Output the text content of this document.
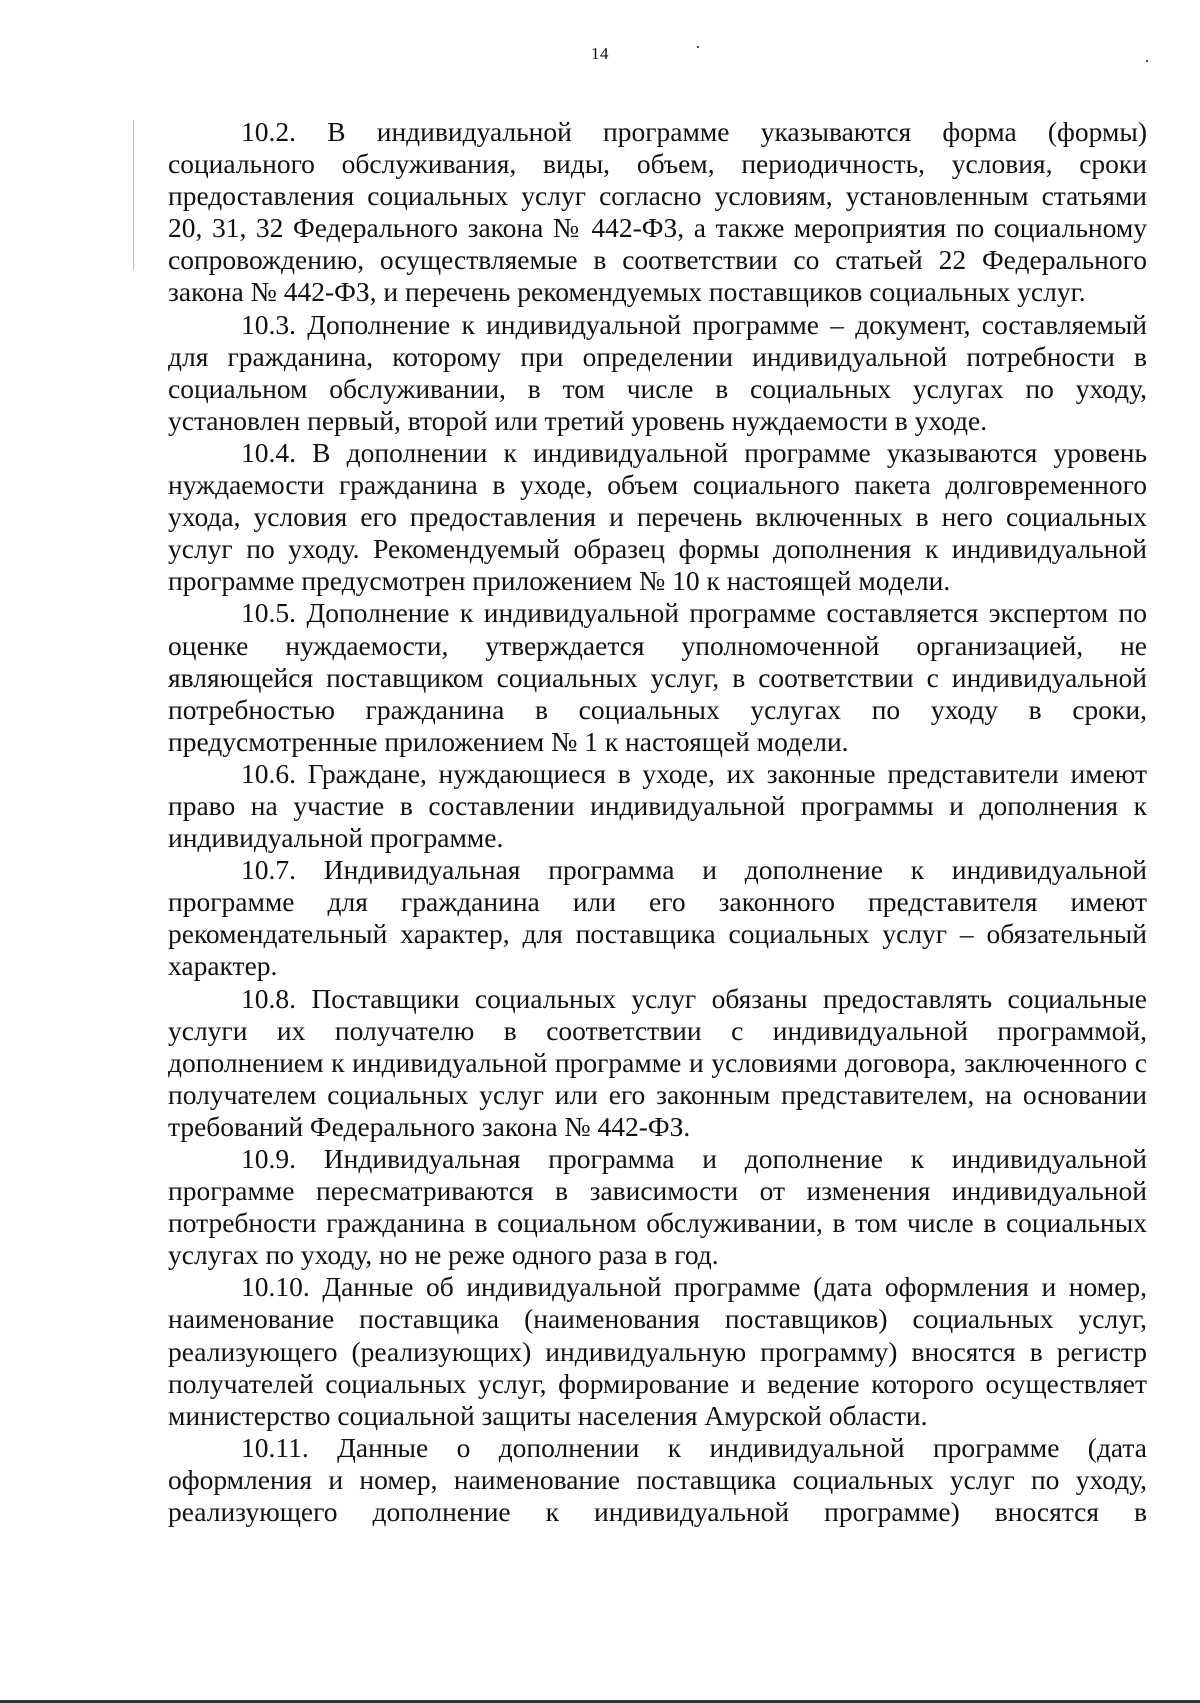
14

10.2. В индивидуальной программе указываются форма (формы) социального обслуживания, виды, объем, периодичность, условия, сроки предоставления социальных услуг согласно условиям, установленным статьями 20, 31, 32 Федерального закона № 442-ФЗ, а также мероприятия по социальному сопровождению, осуществляемые в соответствии со статьей 22 Федерального закона № 442-ФЗ, и перечень рекомендуемых поставщиков социальных услуг.

10.3. Дополнение к индивидуальной программе – документ, составляемый для гражданина, которому при определении индивидуальной потребности в социальном обслуживании, в том числе в социальных услугах по уходу, установлен первый, второй или третий уровень нуждаемости в уходе.

10.4. В дополнении к индивидуальной программе указываются уровень нуждаемости гражданина в уходе, объем социального пакета долговременного ухода, условия его предоставления и перечень включенных в него социальных услуг по уходу. Рекомендуемый образец формы дополнения к индивидуальной программе предусмотрен приложением № 10 к настоящей модели.

10.5. Дополнение к индивидуальной программе составляется экспертом по оценке нуждаемости, утверждается уполномоченной организацией, не являющейся поставщиком социальных услуг, в соответствии с индивидуальной потребностью гражданина в социальных услугах по уходу в сроки, предусмотренные приложением № 1 к настоящей модели.

10.6. Граждане, нуждающиеся в уходе, их законные представители имеют право на участие в составлении индивидуальной программы и дополнения к индивидуальной программе.

10.7. Индивидуальная программа и дополнение к индивидуальной программе для гражданина или его законного представителя имеют рекомендательный характер, для поставщика социальных услуг – обязательный характер.

10.8. Поставщики социальных услуг обязаны предоставлять социальные услуги их получателю в соответствии с индивидуальной программой, дополнением к индивидуальной программе и условиями договора, заключенного с получателем социальных услуг или его законным представителем, на основании требований Федерального закона № 442-ФЗ.

10.9. Индивидуальная программа и дополнение к индивидуальной программе пересматриваются в зависимости от изменения индивидуальной потребности гражданина в социальном обслуживании, в том числе в социальных услугах по уходу, но не реже одного раза в год.

10.10. Данные об индивидуальной программе (дата оформления и номер, наименование поставщика (наименования поставщиков) социальных услуг, реализующего (реализующих) индивидуальную программу) вносятся в регистр получателей социальных услуг, формирование и ведение которого осуществляет министерство социальной защиты населения Амурской области.

10.11. Данные о дополнении к индивидуальной программе (дата оформления и номер, наименование поставщика социальных услуг по уходу, реализующего дополнение к индивидуальной программе) вносятся в
